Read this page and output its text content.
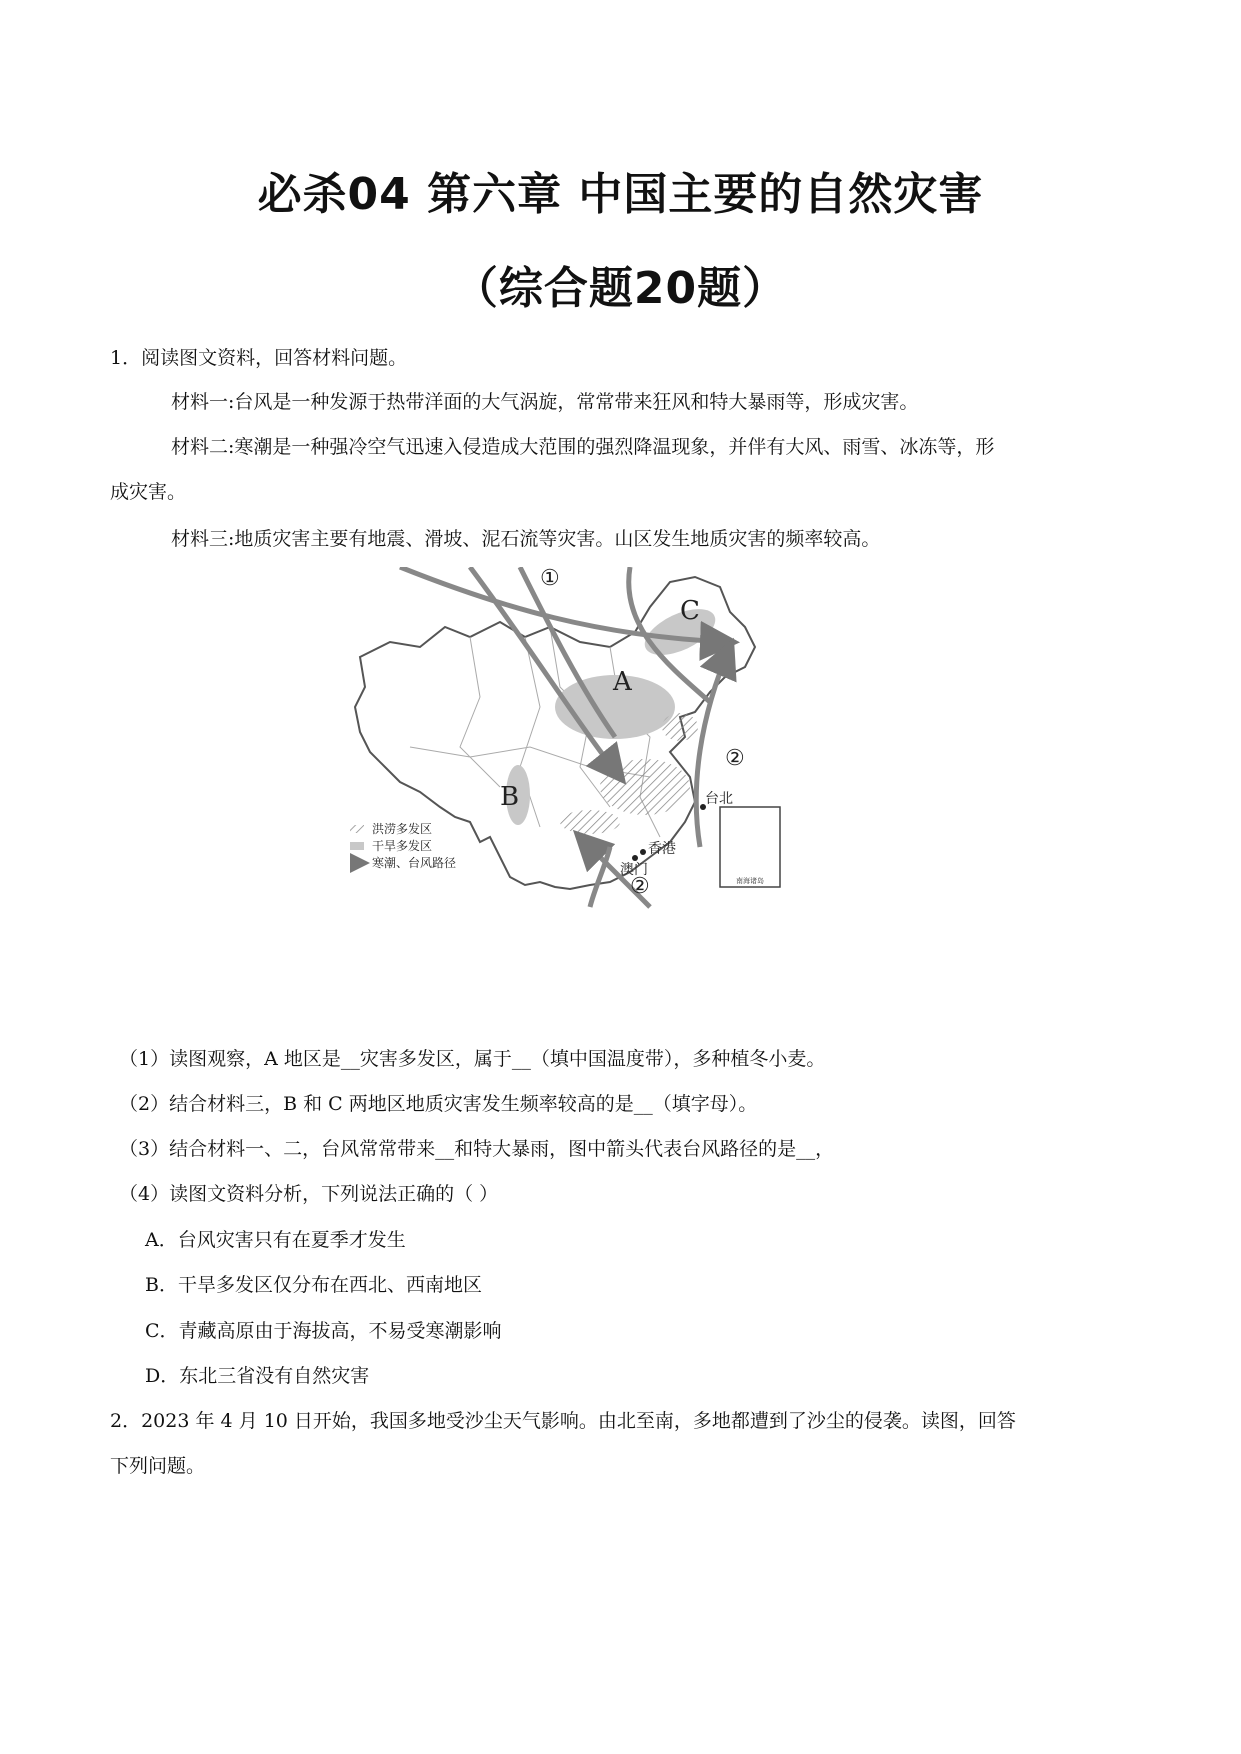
必杀04 第六章 中国主要的自然灾害
（综合题20题）
1．阅读图文资料，回答材料问题。
材料一:台风是一种发源于热带洋面的大气涡旋，常常带来狂风和特大暴雨等，形成灾害。
材料二:寒潮是一种强冷空气迅速入侵造成大范围的强烈降温现象，并伴有大风、雨雪、冰冻等，形
成灾害。
材料三:地质灾害主要有地震、滑坡、泥石流等灾害。山区发生地质灾害的频率较高。
南海诸岛
A
B
C
①
②
②
台北
香港
澳门
洪涝多发区
干旱多发区
寒潮、台风路径
（1）读图观察，A 地区是__灾害多发区，属于__（填中国温度带），多种植冬小麦。
（2）结合材料三，B 和 C 两地区地质灾害发生频率较高的是__（填字母）。
（3）结合材料一、二，台风常常带来__和特大暴雨，图中箭头代表台风路径的是__，
（4）读图文资料分析，下列说法正确的（ ）
A．台风灾害只有在夏季才发生
B．干旱多发区仅分布在西北、西南地区
C．青藏高原由于海拔高，不易受寒潮影响
D．东北三省没有自然灾害
2．2023 年 4 月 10 日开始，我国多地受沙尘天气影响。由北至南，多地都遭到了沙尘的侵袭。读图，回答
下列问题。
